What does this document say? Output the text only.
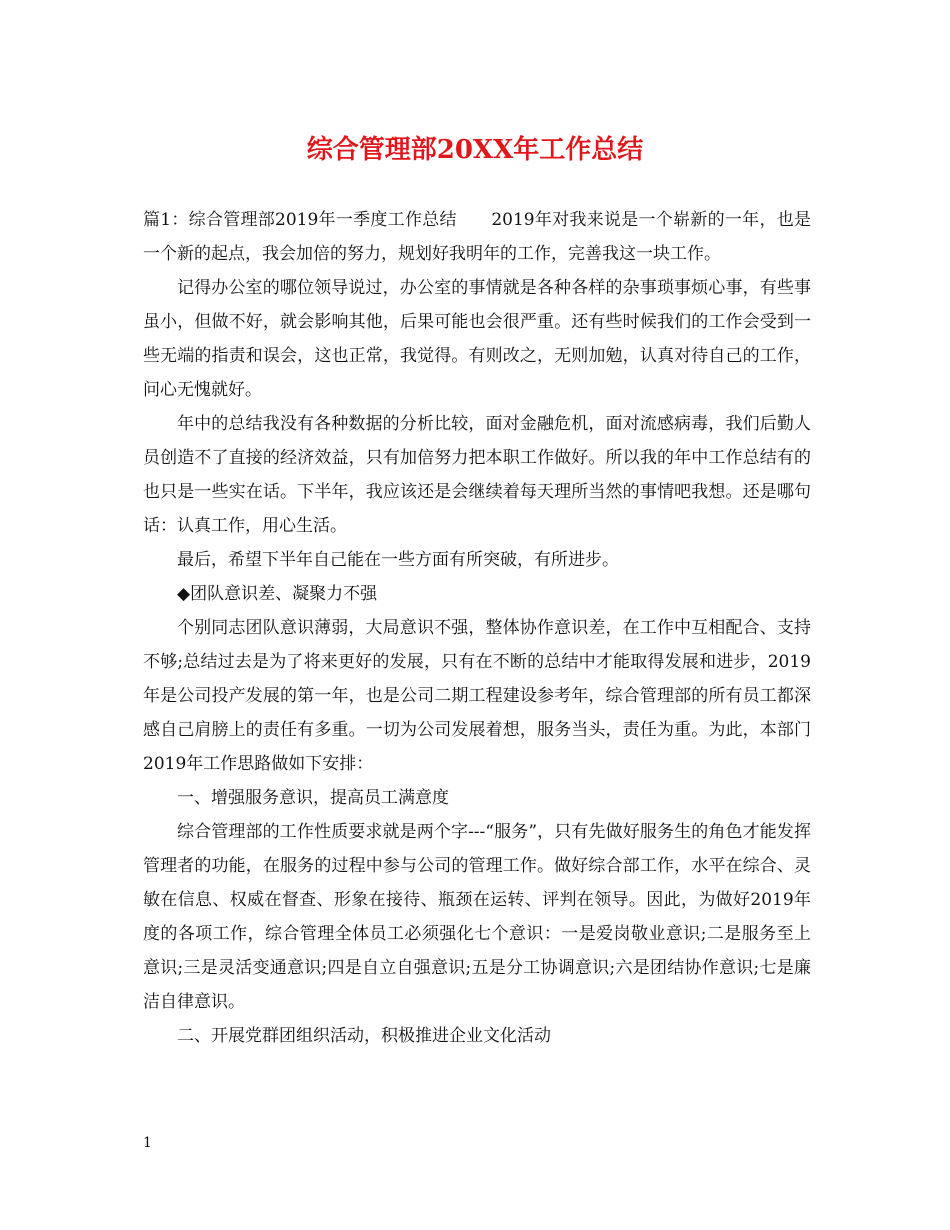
综合管理部20XX年工作总结

篇1：综合管理部2019年一季度工作总结　　2019年对我来说是一个崭新的一年，也是一个新的起点，我会加倍的努力，规划好我明年的工作，完善我这一块工作。

记得办公室的哪位领导说过，办公室的事情就是各种各样的杂事琐事烦心事，有些事虽小，但做不好，就会影响其他，后果可能也会很严重。还有些时候我们的工作会受到一些无端的指责和误会，这也正常，我觉得。有则改之，无则加勉，认真对待自己的工作，问心无愧就好。

年中的总结我没有各种数据的分析比较，面对金融危机，面对流感病毒，我们后勤人员创造不了直接的经济效益，只有加倍努力把本职工作做好。所以我的年中工作总结有的也只是一些实在话。下半年，我应该还是会继续着每天理所当然的事情吧我想。还是哪句话：认真工作，用心生活。

最后，希望下半年自己能在一些方面有所突破，有所进步。

◆团队意识差、凝聚力不强

个别同志团队意识薄弱，大局意识不强，整体协作意识差，在工作中互相配合、支持不够;总结过去是为了将来更好的发展，只有在不断的总结中才能取得发展和进步，2019年是公司投产发展的第一年，也是公司二期工程建设参考年，综合管理部的所有员工都深感自己肩膀上的责任有多重。一切为公司发展着想，服务当头，责任为重。为此，本部门2019年工作思路做如下安排：

一、增强服务意识，提高员工满意度

综合管理部的工作性质要求就是两个字---“服务”，只有先做好服务生的角色才能发挥管理者的功能，在服务的过程中参与公司的管理工作。做好综合部工作，水平在综合、灵敏在信息、权威在督查、形象在接待、瓶颈在运转、评判在领导。因此，为做好2019年度的各项工作，综合管理全体员工必须强化七个意识：一是爱岗敬业意识;二是服务至上意识;三是灵活变通意识;四是自立自强意识;五是分工协调意识;六是团结协作意识;七是廉洁自律意识。

二、开展党群团组织活动，积极推进企业文化活动

1
